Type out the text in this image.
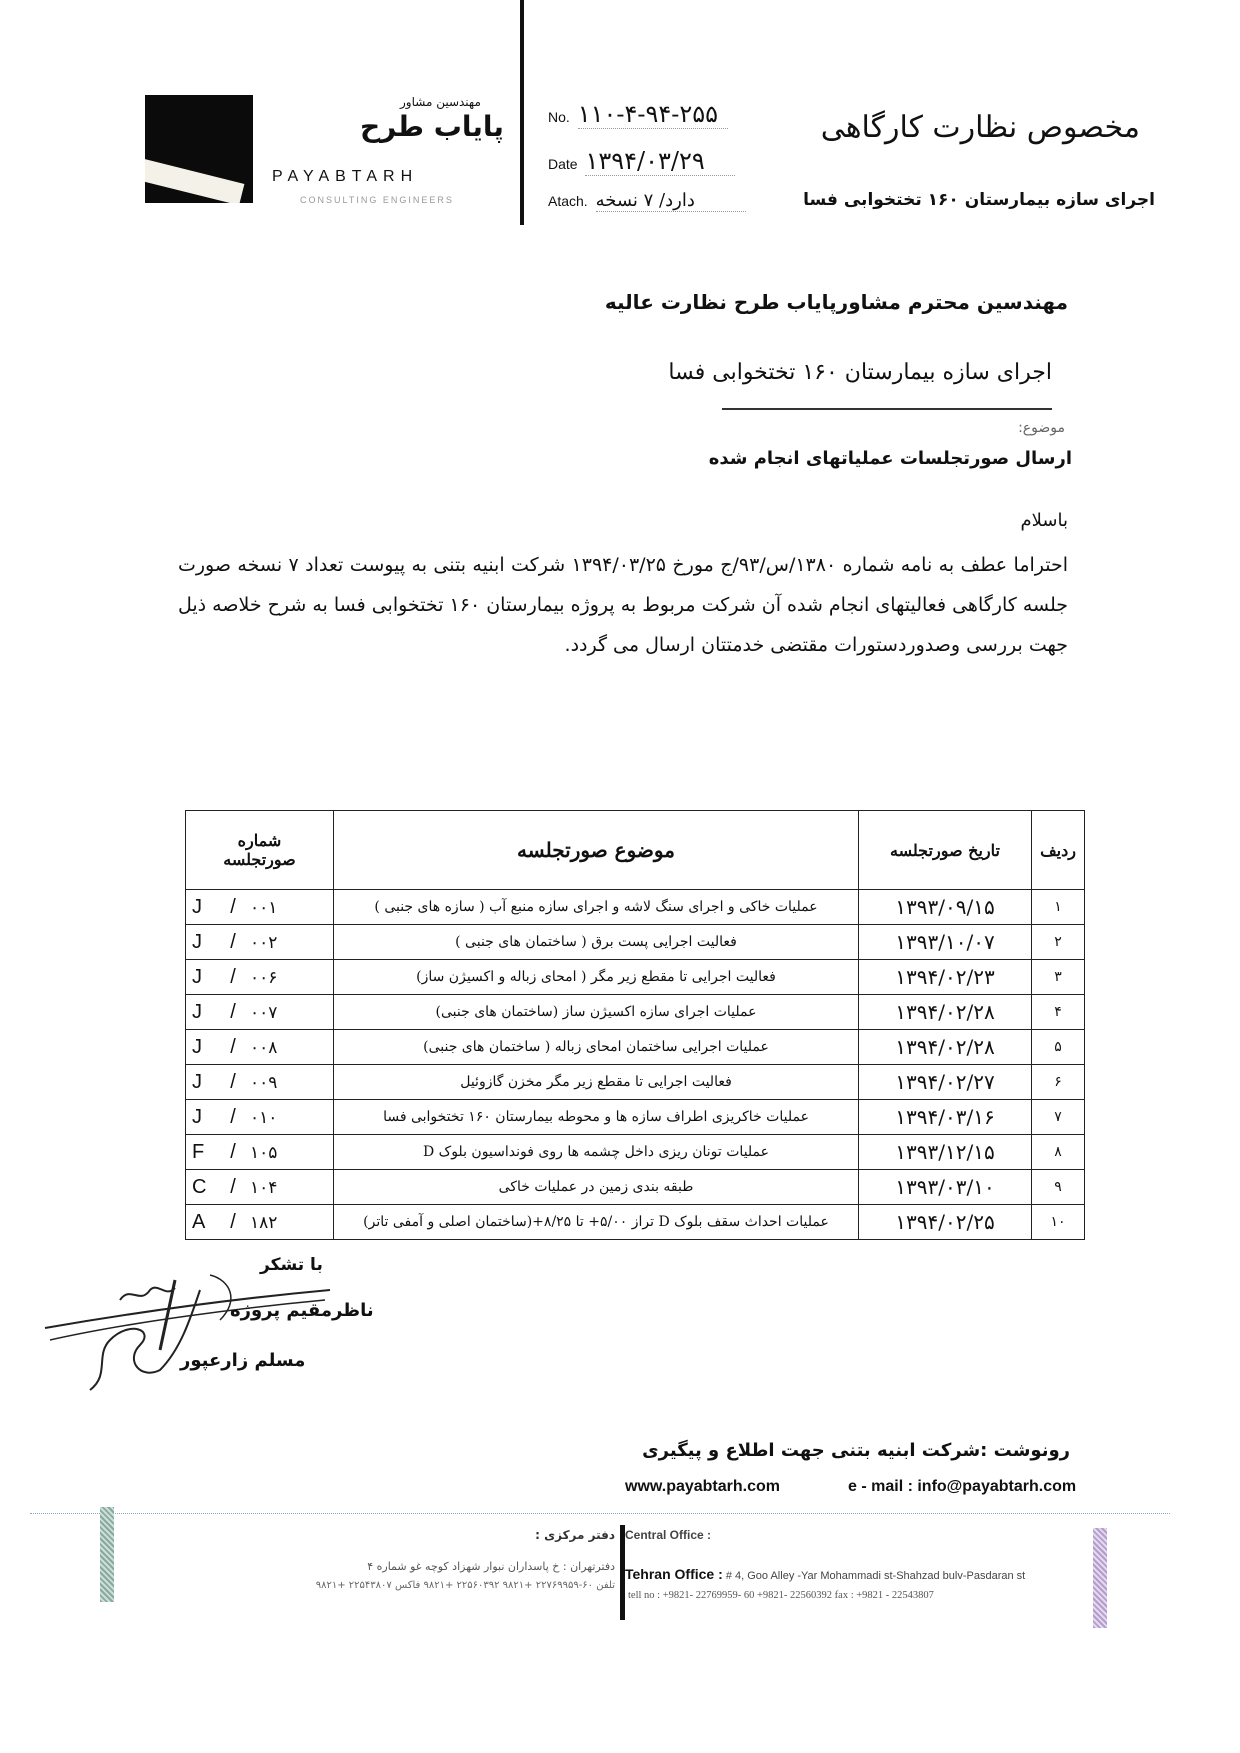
مهندسین مشاور
پایاب طرح
PAYABTARH
CONSULTING ENGINEERS
No. ۱۱۰-۴-۹۴-۲۵۵
Date ۱۳۹۴/۰۳/۲۹
Atach. دارد/ ۷ نسخه
مخصوص نظارت کارگاهی
اجرای سازه بیمارستان ۱۶۰ تختخوابی فسا
مهندسین محترم مشاورپایاب طرح نظارت عالیه
اجرای سازه بیمارستان ۱۶۰ تختخوابی فسا
موضوع:
ارسال صورتجلسات عملیاتهای انجام شده
باسلام
احتراما عطف به نامه شماره ۱۳۸۰/س/۹۳/ج مورخ ۱۳۹۴/۰۳/۲۵ شرکت ابنیه بتنی به پیوست تعداد ۷ نسخه صورت جلسه کارگاهی فعالیتهای انجام شده آن شرکت مربوط به پروژه بیمارستان ۱۶۰ تختخوابی فسا به شرح خلاصه ذیل جهت بررسی وصدوردستورات مقتضی خدمتتان ارسال می گردد.
ردیف	تاریخ صورتجلسه	موضوع صورتجلسه	شماره
صورتجلسه

۱	۱۳۹۳/۰۹/۱۵	عملیات خاکی و اجرای سنگ لاشه و اجرای سازه منبع آب ( سازه های جنبی )	J / ۰۰۱
۲	۱۳۹۳/۱۰/۰۷	فعالیت اجرایی پست برق ( ساختمان های جنبی )	J / ۰۰۲
۳	۱۳۹۴/۰۲/۲۳	فعالیت اجرایی تا مقطع زیر مگر ( امحای زباله و اکسیژن ساز)	J / ۰۰۶
۴	۱۳۹۴/۰۲/۲۸	عملیات اجرای سازه اکسیژن ساز (ساختمان های جنبی)	J / ۰۰۷
۵	۱۳۹۴/۰۲/۲۸	عملیات اجرایی ساختمان امحای زباله ( ساختمان های جنبی)	J / ۰۰۸
۶	۱۳۹۴/۰۲/۲۷	فعالیت اجرایی تا مقطع زیر مگر مخزن گازوئیل	J / ۰۰۹
۷	۱۳۹۴/۰۳/۱۶	عملیات خاکریزی اطراف سازه ها و محوطه بیمارستان ۱۶۰ تختخوابی فسا	J / ۰۱۰
۸	۱۳۹۳/۱۲/۱۵	عملیات تونان ریزی داخل چشمه ها روی فونداسیون بلوک D	F / ۱۰۵
۹	۱۳۹۳/۰۳/۱۰	طبقه بندی زمین در عملیات خاکی	C / ۱۰۴
۱۰	۱۳۹۴/۰۲/۲۵	عملیات احداث سقف بلوک D تراز ۵/۰۰+ تا ۸/۲۵+(ساختمان اصلی و آمفی تاتر)	A / ۱۸۲
با تشکر
ناظرمقیم پروژه
مسلم زارعپور
رونوشت :شرکت ابنیه بتنی جهت اطلاع و پیگیری
www.payabtarh.com	e - mail : info@payabtarh.com
دفتر مرکزی :
دفترتهران : خ پاسداران نبوار شهزاد کوچه غو شماره ۴
تلفن ۶۰-۲۲۷۶۹۹۵۹ +۹۸۲۱ ۲۲۵۶۰۳۹۲ +۹۸۲۱ فاکس ۲۲۵۴۳۸۰۷ +۹۸۲۱
Central Office :
Tehran Office : # 4, Goo Alley -Yar Mohammadi st-Shahzad bulv-Pasdaran st
tell no : +9821- 22769959- 60 +9821- 22560392 fax : +9821 - 22543807
